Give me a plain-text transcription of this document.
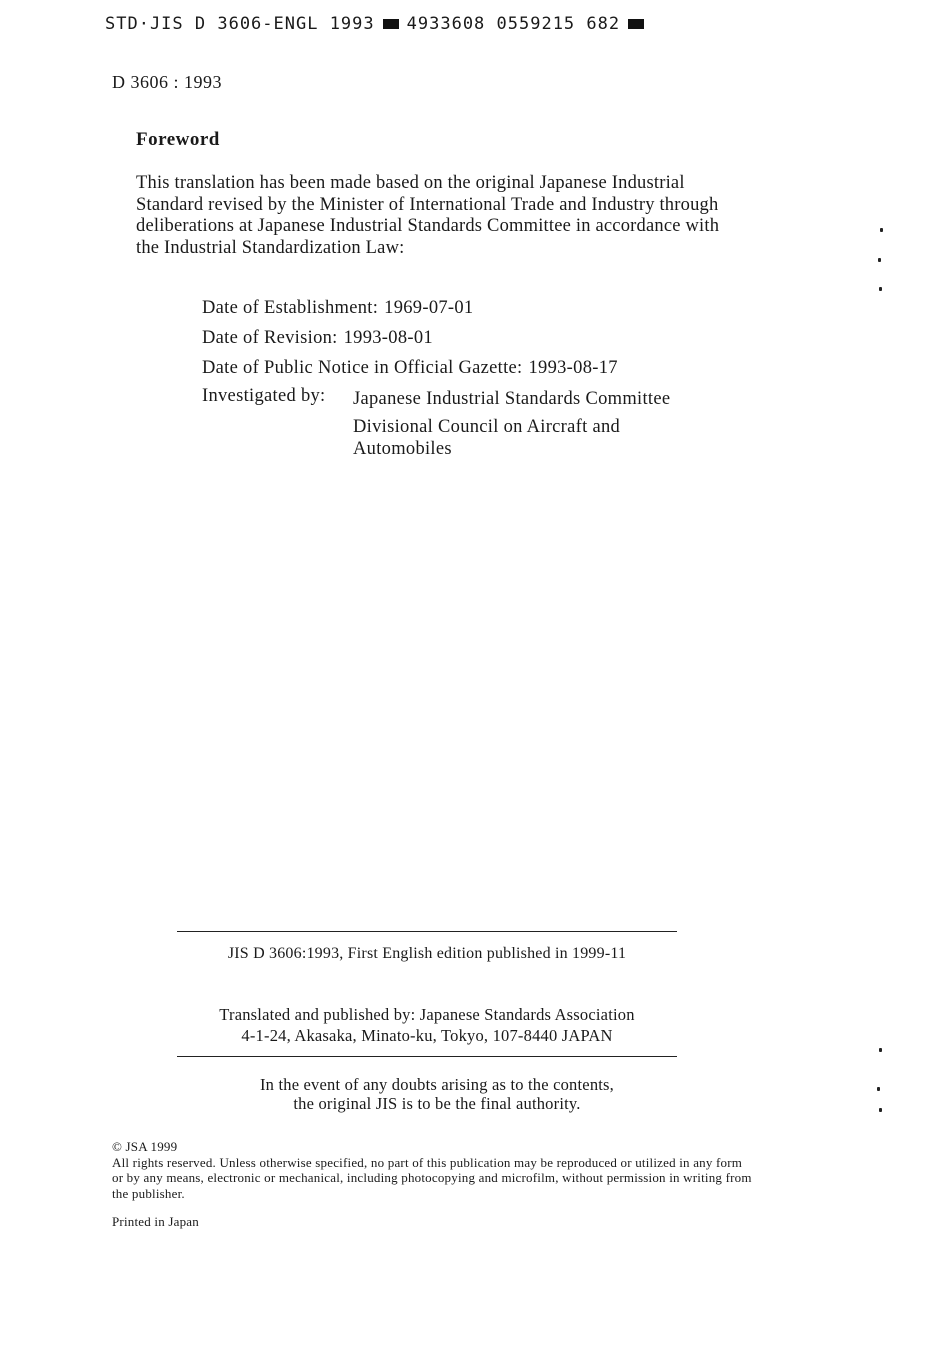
STD·JIS D 3606-ENGL 1993 4933608 0559215 682
D 3606 : 1993
Foreword

This translation has been made based on the original Japanese Industrial Standard revised by the Minister of International Trade and Industry through deliberations at Japanese Industrial Standards Committee in accordance with the Industrial Standardization Law:

Date of Establishment: 1969-07-01
Date of Revision: 1993-08-01
Date of Public Notice in Official Gazette: 1993-08-17
Investigated by: Japanese Industrial Standards Committee
Divisional Council on Aircraft and
Automobiles
JIS D 3606:1993, First English edition published in 1999-11
Translated and published by: Japanese Standards Association
4-1-24, Akasaka, Minato-ku, Tokyo, 107-8440 JAPAN
In the event of any doubts arising as to the contents,
the original JIS is to be the final authority.

© JSA 1999

All rights reserved. Unless otherwise specified, no part of this publication may be reproduced or utilized in any form or by any means, electronic or mechanical, including photocopying and microfilm, without permission in writing from the publisher.

Printed in Japan
